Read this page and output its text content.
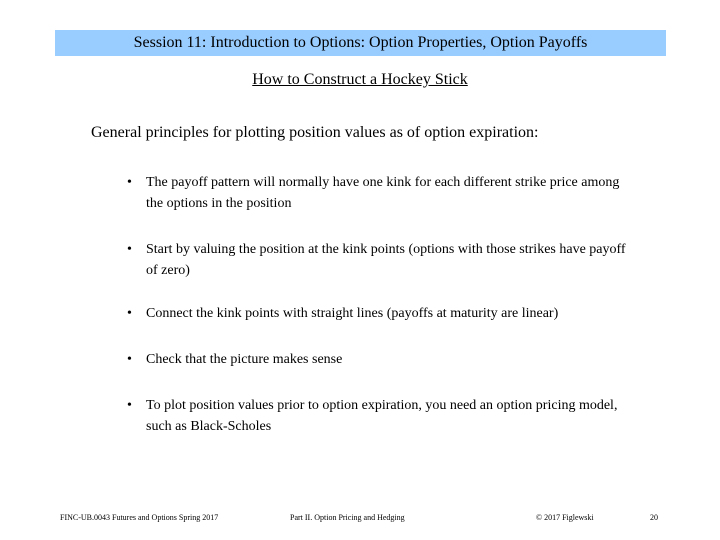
Session 11: Introduction to Options: Option Properties, Option Payoffs
How to Construct a Hockey Stick
General principles for plotting position values as of option expiration:
•	The payoff pattern will normally have one kink for each different strike price among the options in the position
•	Start by valuing the position at the kink points (options with those strikes have payoff of zero)
•	Connect the kink points with straight lines (payoffs at maturity are linear)
•	Check that the picture makes sense
•	To plot position values prior to option expiration, you need an option pricing model, such as Black-Scholes
FINC-UB.0043 Futures and Options Spring 2017	Part II. Option Pricing and Hedging	© 2017 Figlewski	20
